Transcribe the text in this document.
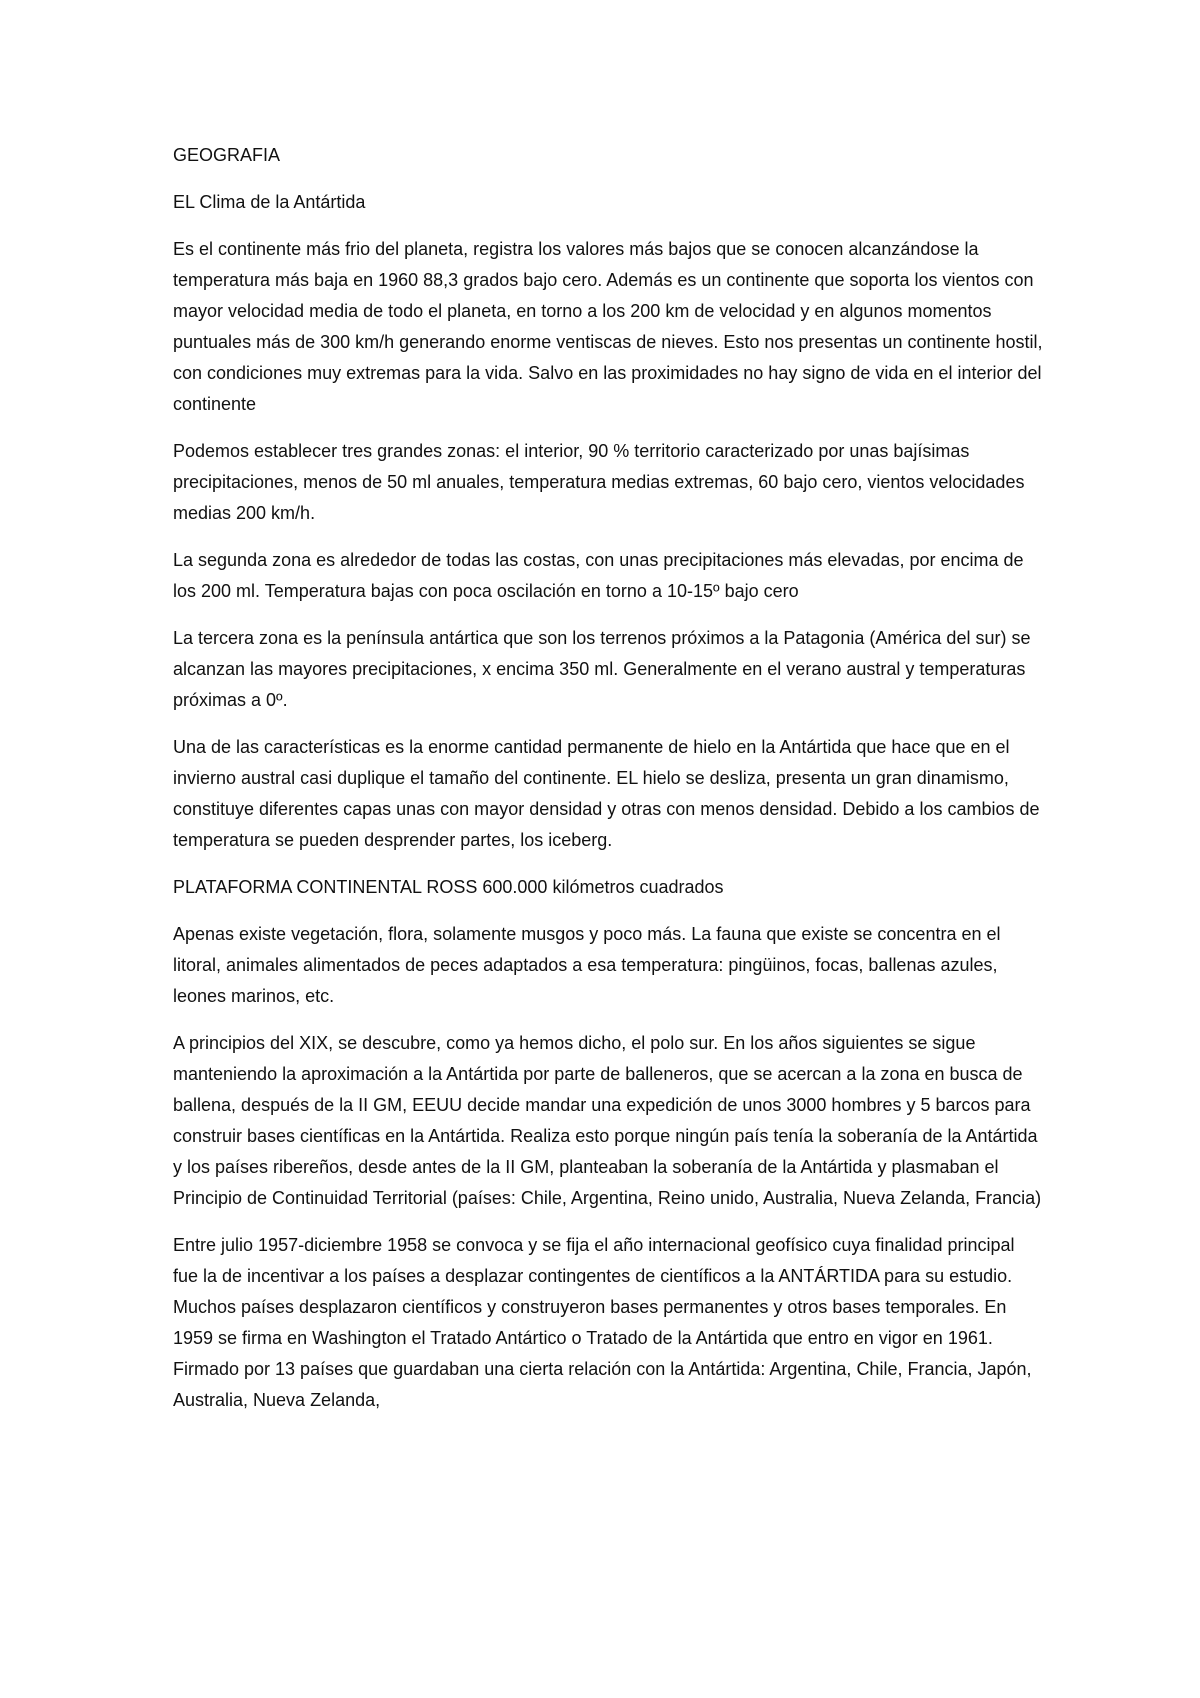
GEOGRAFIA

EL Clima de la Antártida

Es el continente más frio del planeta, registra los valores más bajos que se conocen alcanzándose la temperatura más baja en 1960 88,3 grados bajo cero. Además es un continente que soporta los vientos con mayor velocidad media de todo el planeta, en torno a los 200 km de velocidad y en algunos momentos puntuales más de 300 km/h generando enorme ventiscas de nieves. Esto nos presentas un continente hostil, con condiciones muy extremas para la vida. Salvo en las proximidades no hay signo de vida en el interior del continente

Podemos establecer tres grandes zonas: el interior, 90 % territorio caracterizado por unas bajísimas precipitaciones, menos de 50 ml anuales, temperatura medias extremas, 60 bajo cero, vientos velocidades medias 200 km/h.

La segunda zona es alrededor de todas las costas, con unas precipitaciones más elevadas, por encima de los 200 ml. Temperatura bajas con poca oscilación en torno a 10-15º bajo cero

La tercera zona es la península antártica que son los terrenos próximos a la Patagonia (América del sur) se alcanzan las mayores precipitaciones, x encima 350 ml. Generalmente en el verano austral y temperaturas próximas a 0º.

Una de las características es la enorme cantidad permanente de hielo en la Antártida que hace que en el invierno austral casi duplique el tamaño del continente. EL hielo se desliza, presenta un gran dinamismo, constituye diferentes capas unas con mayor densidad y otras con menos densidad. Debido a los cambios de temperatura se pueden desprender partes, los iceberg.

PLATAFORMA CONTINENTAL ROSS 600.000 kilómetros cuadrados

Apenas existe vegetación, flora, solamente musgos y poco más. La fauna que existe se concentra en el litoral, animales alimentados de peces adaptados a esa temperatura: pingüinos, focas, ballenas azules, leones marinos, etc.

A principios del XIX, se descubre, como ya hemos dicho, el polo sur. En los años siguientes se sigue manteniendo la aproximación a la Antártida por parte de balleneros, que se acercan a la zona en busca de ballena, después de la II GM, EEUU decide mandar una expedición de unos 3000 hombres y 5 barcos para construir bases científicas en la Antártida. Realiza esto porque ningún país tenía la soberanía de la Antártida y los países ribereños, desde antes de la II GM, planteaban la soberanía de la Antártida y plasmaban el Principio de Continuidad Territorial (países: Chile, Argentina, Reino unido, Australia, Nueva Zelanda, Francia)

Entre julio 1957-diciembre 1958 se convoca y se fija el año internacional geofísico cuya finalidad principal fue la de incentivar a los países a desplazar contingentes de científicos a la ANTÁRTIDA para su estudio. Muchos países desplazaron científicos y construyeron bases permanentes y otros bases temporales. En 1959 se firma en Washington el Tratado Antártico o Tratado de la Antártida que entro en vigor en 1961. Firmado por 13 países que guardaban una cierta relación con la Antártida: Argentina, Chile, Francia, Japón, Australia, Nueva Zelanda,
